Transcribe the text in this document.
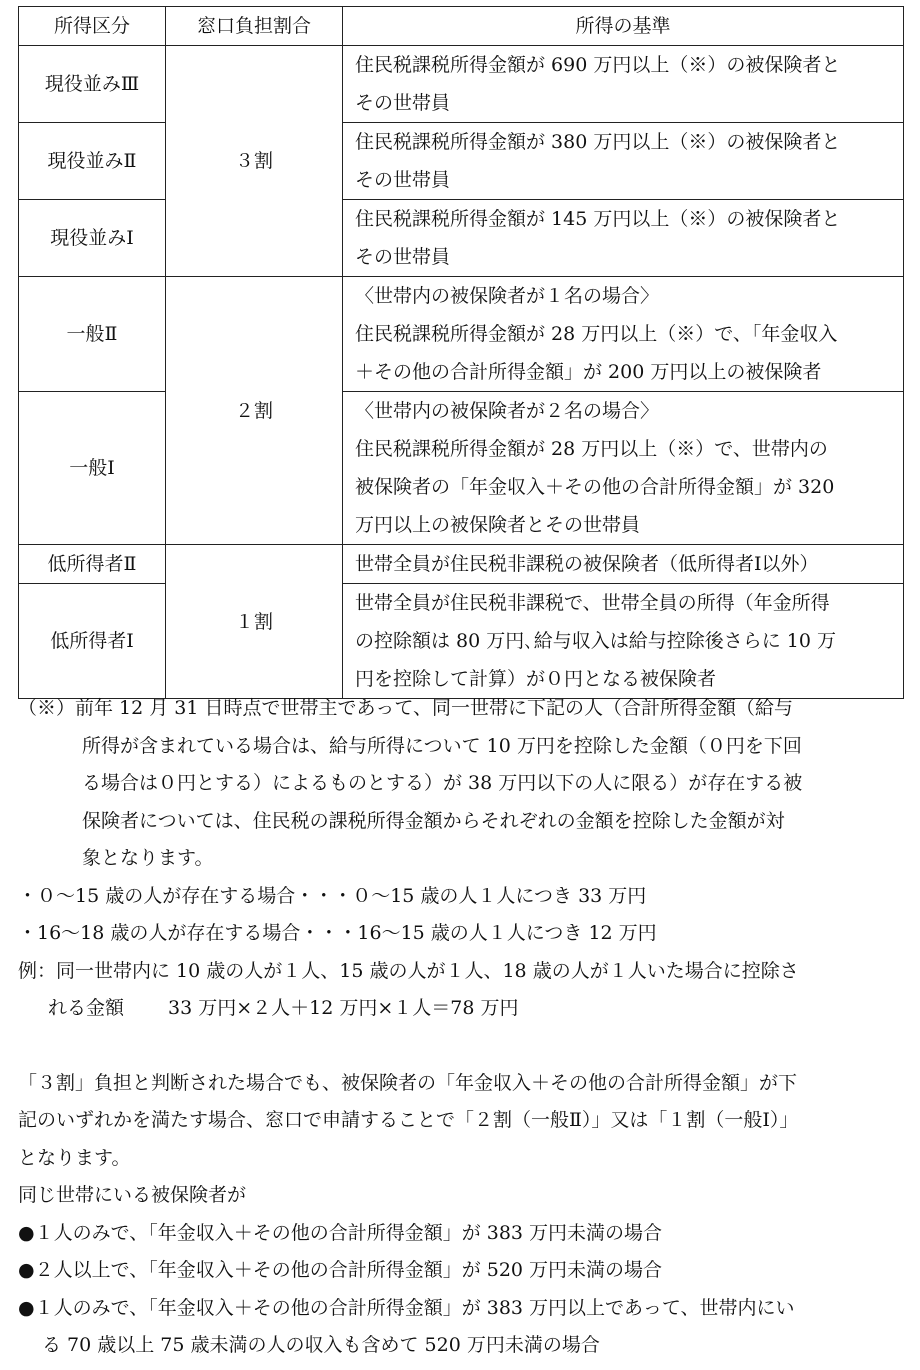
所得区分	窓口負担割合	所得の基準
現役並みⅢ	３割	住民税課税所得金額が 690 万円以上（※）の被保険者と
その世帯員

現役並みⅡ		住民税課税所得金額が 380 万円以上（※）の被保険者と
その世帯員

現役並みⅠ		住民税課税所得金額が 145 万円以上（※）の被保険者と
その世帯員

一般Ⅱ	２割	〈世帯内の被保険者が１名の場合〉
住民税課税所得金額が 28 万円以上（※）で、「年金収入
＋その他の合計所得金額」が 200 万円以上の被保険者

一般Ⅰ		〈世帯内の被保険者が２名の場合〉
住民税課税所得金額が 28 万円以上（※）で、世帯内の
被保険者の「年金収入＋その他の合計所得金額」が 320
万円以上の被保険者とその世帯員

低所得者Ⅱ	１割	世帯全員が住民税非課税の被保険者（低所得者Ⅰ以外）

低所得者Ⅰ		世帯全員が住民税非課税で、世帯全員の所得（年金所得
の控除額は 80 万円､給与収入は給与控除後さらに 10 万
円を控除して計算）が０円となる被保険者
（※）前年 12 月 31 日時点で世帯主であって、同一世帯に下記の人（合計所得金額（給与
所得が含まれている場合は、給与所得について 10 万円を控除した金額（０円を下回
る場合は０円とする）によるものとする）が 38 万円以下の人に限る）が存在する被
保険者については、住民税の課税所得金額からそれぞれの金額を控除した金額が対
象となります。
・０～15 歳の人が存在する場合・・・０～15 歳の人１人につき 33 万円
・16～18 歳の人が存在する場合・・・16～15 歳の人１人につき 12 万円
例：同一世帯内に 10 歳の人が１人、15 歳の人が１人、18 歳の人が１人いた場合に控除さ
れる金額 33 万円×２人＋12 万円×１人＝78 万円
「３割」負担と判断された場合でも、被保険者の「年金収入＋その他の合計所得金額」が下
記のいずれかを満たす場合、窓口で申請することで「２割（一般Ⅱ）」又は「１割（一般Ⅰ）」
となります。
同じ世帯にいる被保険者が
●１人のみで、「年金収入＋その他の合計所得金額」が 383 万円未満の場合
●２人以上で、「年金収入＋その他の合計所得金額」が 520 万円未満の場合
●１人のみで、「年金収入＋その他の合計所得金額」が 383 万円以上であって、世帯内にい
る 70 歳以上 75 歳未満の人の収入も含めて 520 万円未満の場合
